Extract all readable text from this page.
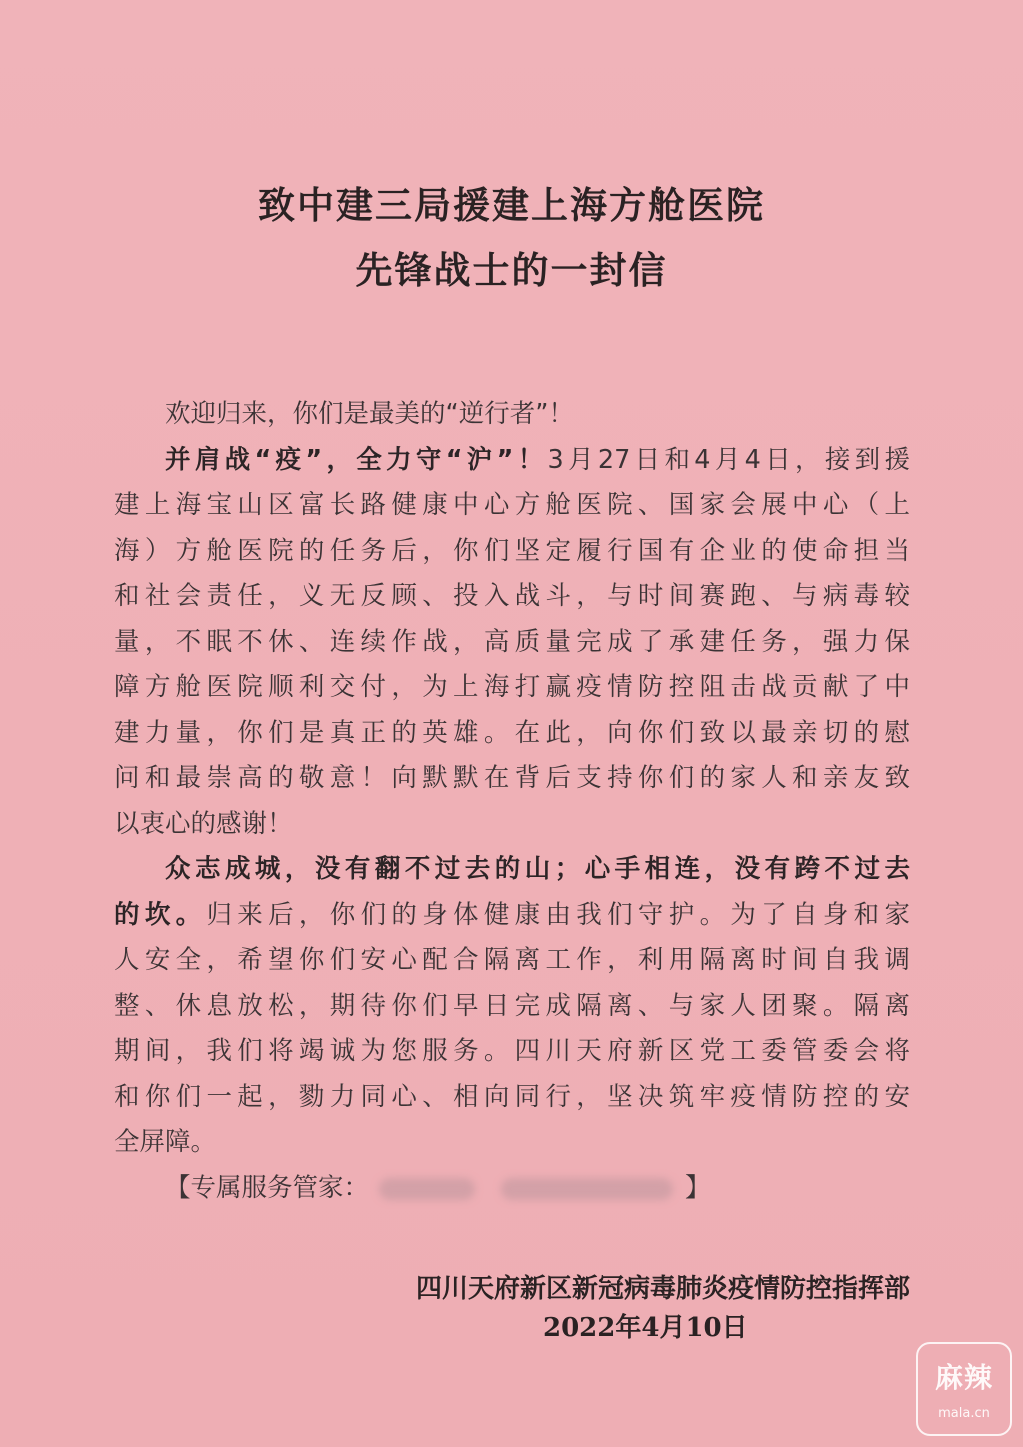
致中建三局援建上海方舱医院
先锋战士的一封信
欢迎归来，你们是最美的“逆行者”！
并肩战“疫”，全力守“沪”！3月27日和4月4日，接到援
建上海宝山区富长路健康中心方舱医院、国家会展中心（上
海）方舱医院的任务后，你们坚定履行国有企业的使命担当
和社会责任，义无反顾、投入战斗，与时间赛跑、与病毒较
量，不眠不休、连续作战，高质量完成了承建任务，强力保
障方舱医院顺利交付，为上海打赢疫情防控阻击战贡献了中
建力量，你们是真正的英雄。在此，向你们致以最亲切的慰
问和最崇高的敬意！向默默在背后支持你们的家人和亲友致
以衷心的感谢！
众志成城，没有翻不过去的山；心手相连，没有跨不过去
的坎。归来后，你们的身体健康由我们守护。为了自身和家
人安全，希望你们安心配合隔离工作，利用隔离时间自我调
整、休息放松，期待你们早日完成隔离、与家人团聚。隔离
期间，我们将竭诚为您服务。四川天府新区党工委管委会将
和你们一起，勠力同心、相向同行，坚决筑牢疫情防控的安
全屏障。
【专属服务管家：	】
四川天府新区新冠病毒肺炎疫情防控指挥部
2022年4月10日
麻辣
mala.cn
